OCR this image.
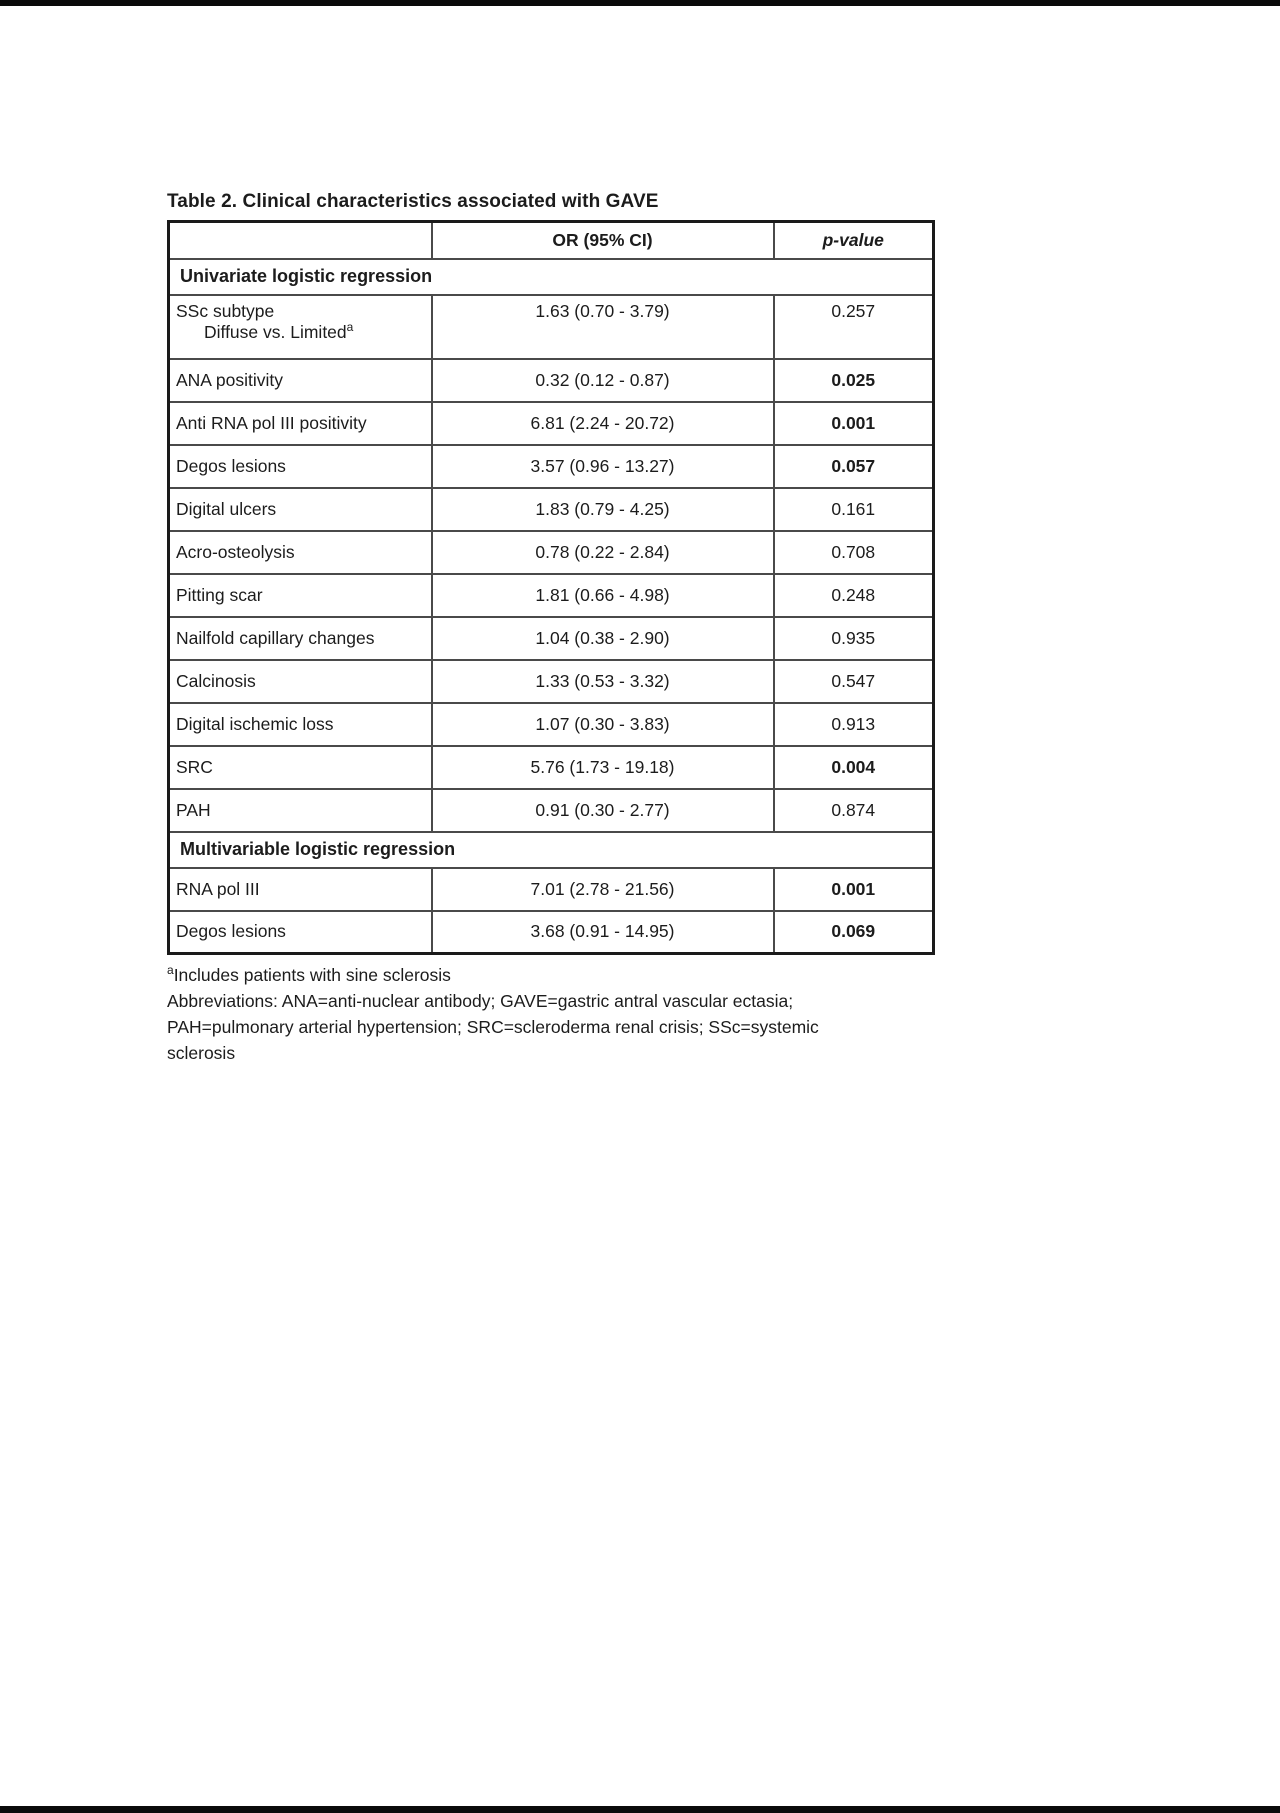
Table 2. Clinical characteristics associated with GAVE
	OR (95% CI)	p-value
Univariate logistic regression		

SSc subtype
Diffuse vs. Limited$^a$	1.63 (0.70 - 3.79)	0.257
ANA positivity	0.32 (0.12 - 0.87)	0.025
Anti RNA pol III positivity	6.81 (2.24 - 20.72)	0.001
Degos lesions	3.57 (0.96 - 13.27)	0.057
Digital ulcers	1.83 (0.79 - 4.25)	0.161
Acro-osteolysis	0.78 (0.22 - 2.84)	0.708
Pitting scar	1.81 (0.66 - 4.98)	0.248
Nailfold capillary changes	1.04 (0.38 - 2.90)	0.935
Calcinosis	1.33 (0.53 - 3.32)	0.547
Digital ischemic loss	1.07 (0.30 - 3.83)	0.913
SRC	5.76 (1.73 - 19.18)	0.004
PAH	0.91 (0.30 - 2.77)	0.874
Multivariable logistic regression		
RNA pol III	7.01 (2.78 - 21.56)	0.001
Degos lesions	3.68 (0.91 - 14.95)	0.069

$^a$Includes patients with sine sclerosis

Abbreviations: ANA=anti-nuclear antibody; GAVE=gastric antral vascular ectasia;
PAH=pulmonary arterial hypertension; SRC=scleroderma renal crisis; SSc=systemic
sclerosis
